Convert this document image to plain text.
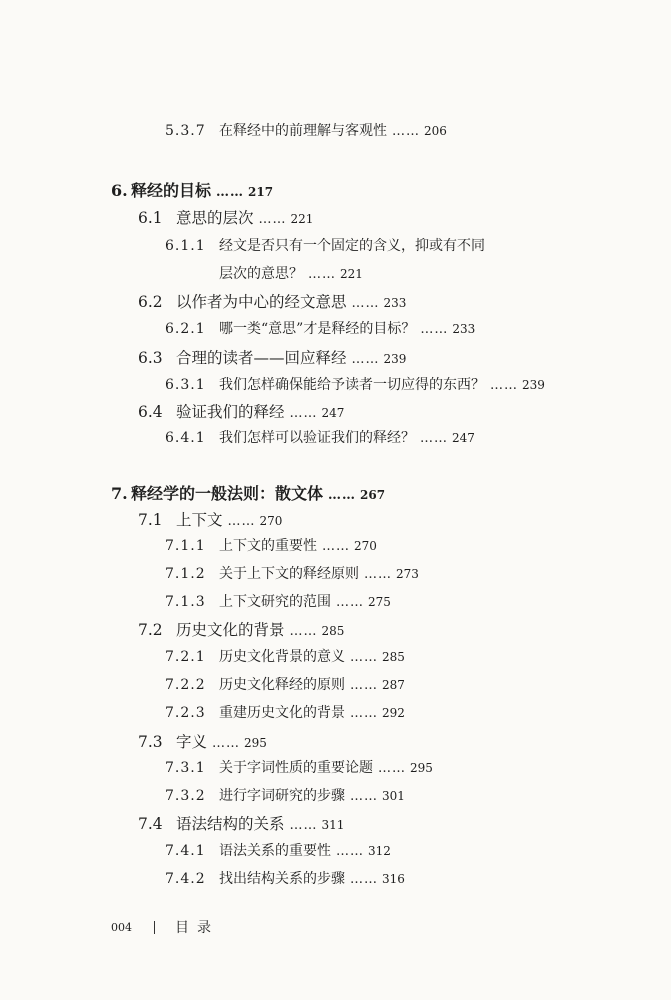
5.3.7 在释经中的前理解与客观性 …… 206
6. 释经的目标 …… 217
6.1 意思的层次 …… 221
6.1.1 经文是否只有一个固定的含义，抑或有不同
层次的意思？ …… 221
6.2 以作者为中心的经文意思 …… 233
6.2.1 哪一类“意思”才是释经的目标？ …… 233
6.3 合理的读者——回应释经 …… 239
6.3.1 我们怎样确保能给予读者一切应得的东西？ …… 239
6.4 验证我们的释经 …… 247
6.4.1 我们怎样可以验证我们的释经？ …… 247
7. 释经学的一般法则：散文体 …… 267
7.1 上下文 …… 270
7.1.1 上下文的重要性 …… 270
7.1.2 关于上下文的释经原则 …… 273
7.1.3 上下文研究的范围 …… 275
7.2 历史文化的背景 …… 285
7.2.1 历史文化背景的意义 …… 285
7.2.2 历史文化释经的原则 …… 287
7.2.3 重建历史文化的背景 …… 292
7.3 字义 …… 295
7.3.1 关于字词性质的重要论题 …… 295
7.3.2 进行字词研究的步骤 …… 301
7.4 语法结构的关系 …… 311
7.4.1 语法关系的重要性 …… 312
7.4.2 找出结构关系的步骤 …… 316
004	目录
